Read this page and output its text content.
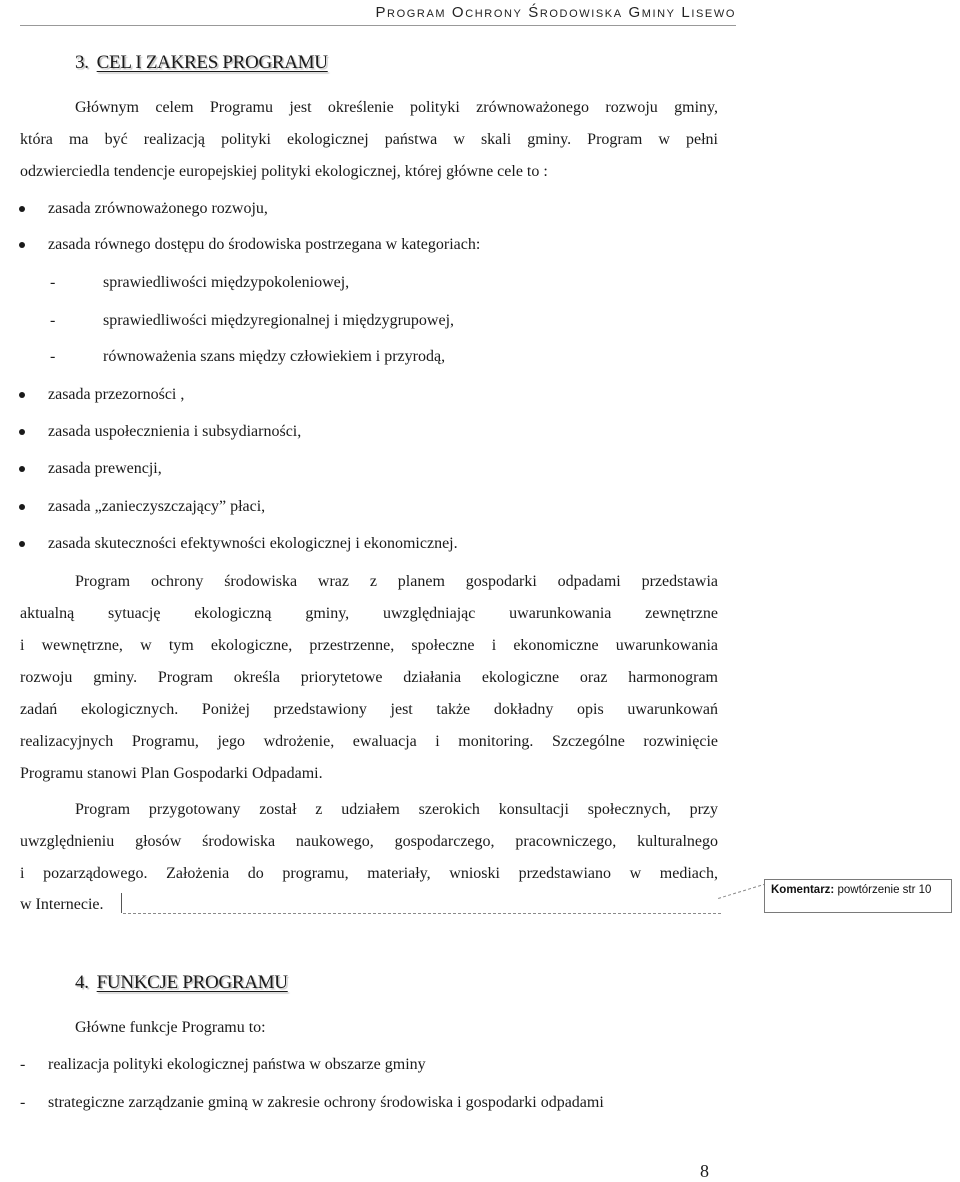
Program Ochrony Środowiska Gminy Lisewo
3. CEL I ZAKRES PROGRAMU
Głównym celem Programu jest określenie polityki zrównoważonego rozwoju gminy,
która ma być realizacją polityki ekologicznej państwa w skali gminy. Program w pełni
odzwierciedla tendencje europejskiej polityki ekologicznej, której główne cele to :
zasada zrównoważonego rozwoju,
zasada równego dostępu do środowiska postrzegana w kategoriach:
-	sprawiedliwości międzypokoleniowej,
-	sprawiedliwości międzyregionalnej i międzygrupowej,
-	równoważenia szans między człowiekiem i przyrodą,
zasada przezorności ,
zasada uspołecznienia i subsydiarności,
zasada prewencji,
zasada „zanieczyszczający” płaci,
zasada skuteczności efektywności ekologicznej i ekonomicznej.
Program ochrony środowiska wraz z planem gospodarki odpadami przedstawia
aktualną sytuację ekologiczną gminy, uwzględniając uwarunkowania zewnętrzne
i wewnętrzne, w tym ekologiczne, przestrzenne, społeczne i ekonomiczne uwarunkowania
rozwoju gminy. Program określa priorytetowe działania ekologiczne oraz harmonogram
zadań ekologicznych. Poniżej przedstawiony jest także dokładny opis uwarunkowań
realizacyjnych Programu, jego wdrożenie, ewaluacja i monitoring. Szczególne rozwinięcie
Programu stanowi Plan Gospodarki Odpadami.
Program przygotowany został z udziałem szerokich konsultacji społecznych, przy
uwzględnieniu głosów środowiska naukowego, gospodarczego, pracowniczego, kulturalnego
i pozarządowego. Założenia do programu, materiały, wnioski przedstawiano w mediach,
w Internecie.
Komentarz: powtórzenie str 10
4. FUNKCJE PROGRAMU
Główne funkcje Programu to:
- realizacja polityki ekologicznej państwa w obszarze gminy
- strategiczne zarządzanie gminą w zakresie ochrony środowiska i gospodarki odpadami
8
